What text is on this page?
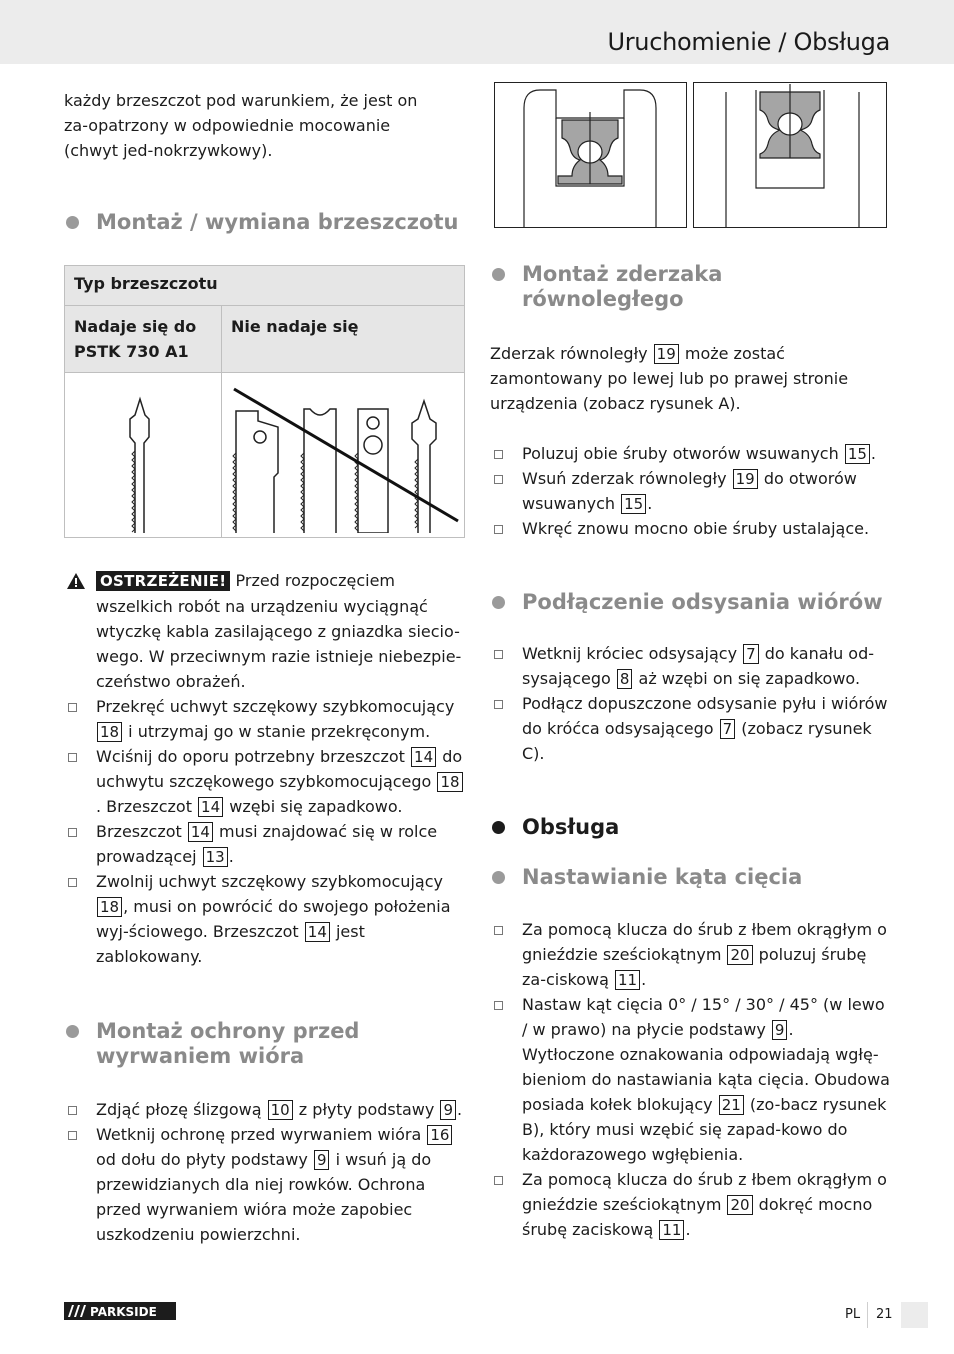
Uruchomienie / Obsługa

każdy brzeszczot pod warunkiem, że jest on za-opatrzony w odpowiednie mocowanie (chwyt jed-nokrzywkowy).

Montaż / wymiana brzeszczotu
Typ brzeszczotu	
Nadaje się do PSTK 730 A1	Nie nadaje się

OSTRZEŻENIE! Przed rozpoczęciem wszelkich robót na urządzeniu wyciągnąć wtyczkę kabla zasilającego z gniazdka siecio-wego. W przeciwnym razie istnieje niebezpie-czeństwo obrażeń.
Przekręć uchwyt szczękowy szybkomocujący 18 i utrzymaj go w stanie przekręconym.
Wciśnij do oporu potrzebny brzeszczot 14 do uchwytu szczękowego szybkomocującego 18. Brzeszczot 14 wzębi się zapadkowo.
Brzeszczot 14 musi znajdować się w rolce prowadzącej 13 .
Zwolnij uchwyt szczękowy szybkomocujący 18 , musi on powrócić do swojego położenia wyj-ściowego. Brzeszczot 14 jest zablokowany.
Montaż ochrony przed wyrwaniem wióra
Zdjąć płozę ślizgową 10 z płyty podstawy 9 .
Wetknij ochronę przed wyrwaniem wióra 16 od dołu do płyty podstawy 9 i wsuń ją do przewidzianych dla niej rowków. Ochrona przed wyrwaniem wióra może zapobiec uszkodzeniu powierzchni.
Montaż zderzaka równoległego

Zderzak równoległy 19 może zostać zamontowany po lewej lub po prawej stronie urządzenia (zobacz rysunek A).

Poluzuj obie śruby otworów wsuwanych 15 .
Wsuń zderzak równoległy 19 do otworów wsuwanych 15 .
Wkręć znowu mocno obie śruby ustalające.
Podłączenie odsysania wiórów
Wetknij króciec odsysający 7 do kanału od-sysającego 8 aż wzębi on się zapadkowo.
Podłącz dopuszczone odsysanie pyłu i wiórów do króćca odsysającego 7 (zobacz rysunek C).
Obsługa
Nastawianie kąta cięcia
Za pomocą klucza do śrub z łbem okrągłym o gnieździe sześciokątnym 20 poluzuj śrubę za-ciskową 11 .
Nastaw kąt cięcia 0° / 15° / 30° / 45° (w lewo / w prawo) na płycie podstawy 9 . Wytłoczone oznakowania odpowiadają wgłę-bieniom do nastawiania kąta cięcia. Obudowa posiada kołek blokujący 21 (zo-bacz rysunek B), który musi wzębić się zapad-kowo do każdorazowego wgłębienia.
Za pomocą klucza do śrub z łbem okrągłym o gnieździe sześciokątnym 20 dokręć mocno śrubę zaciskową 11 .
PARKSIDE	PL 21
